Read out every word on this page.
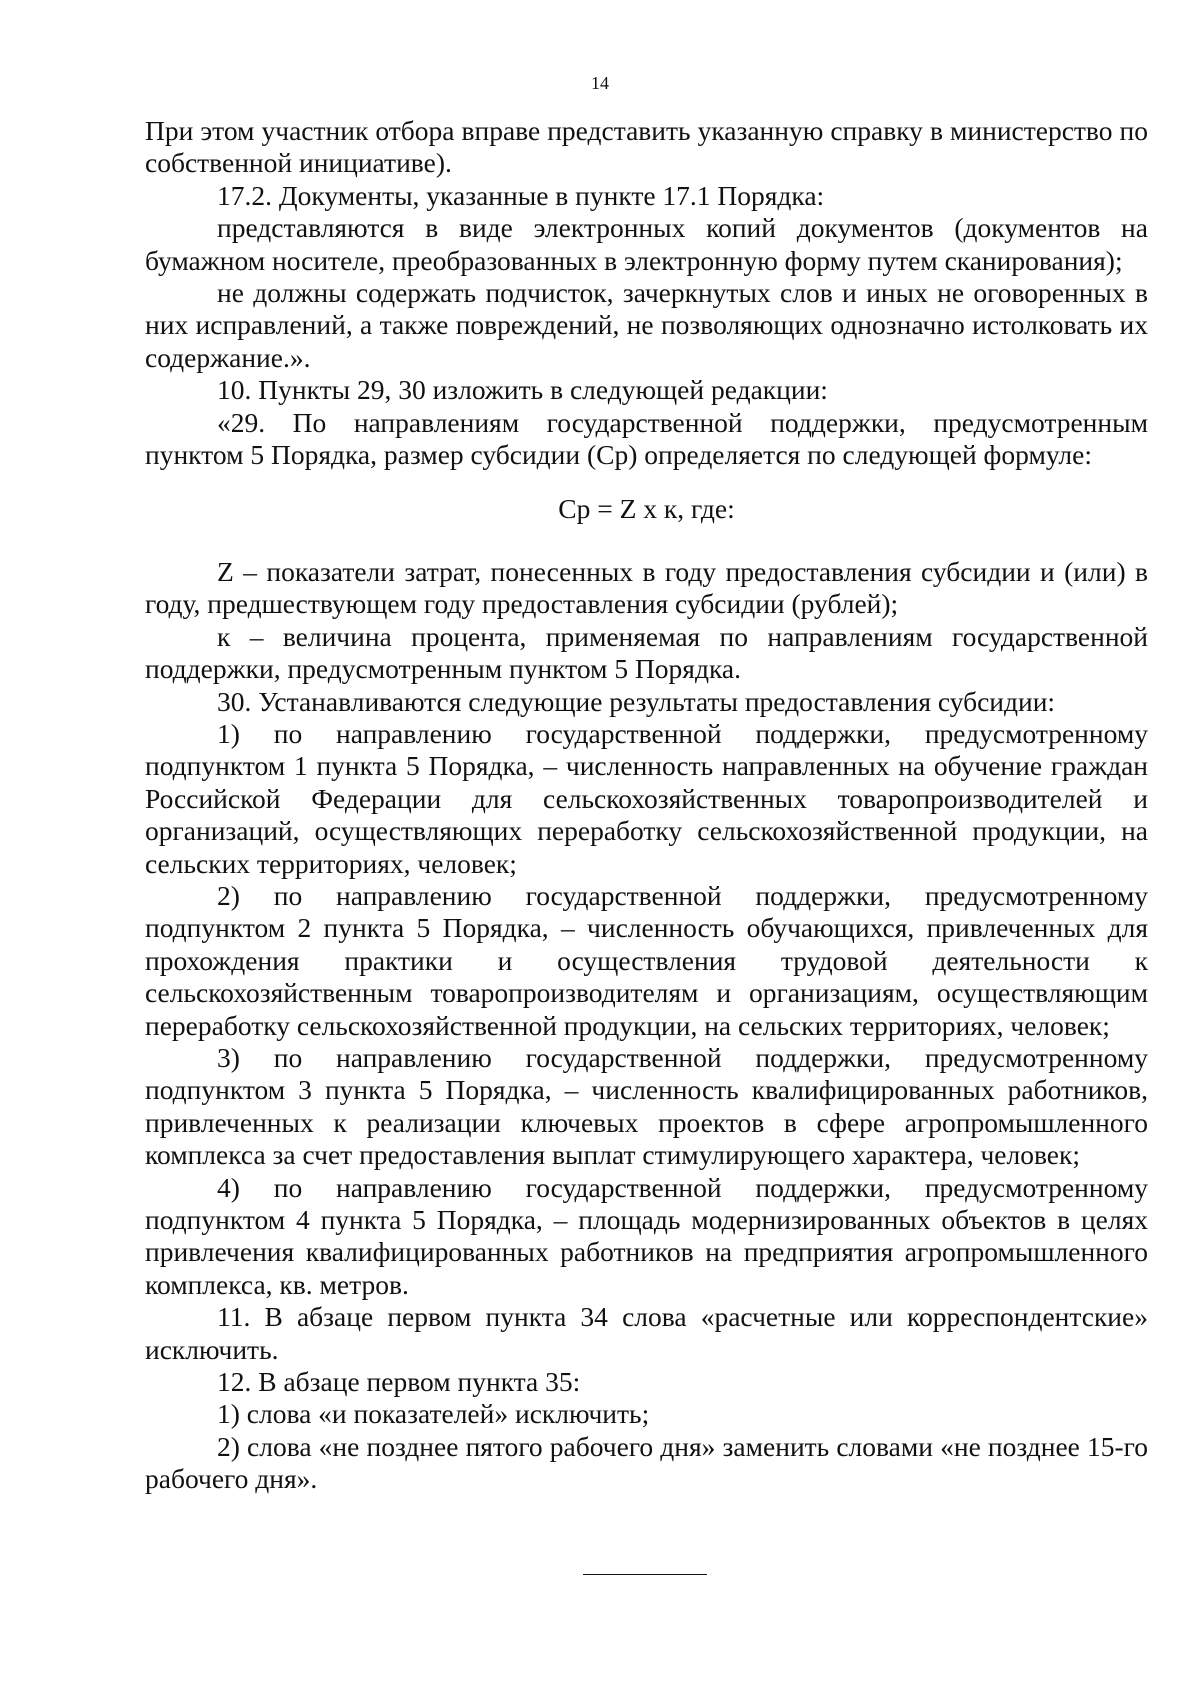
14

При этом участник отбора вправе представить указанную справку в министерство по собственной инициативе).

17.2. Документы, указанные в пункте 17.1 Порядка:

представляются в виде электронных копий документов (документов на бумажном носителе, преобразованных в электронную форму путем сканирования);

не должны содержать подчисток, зачеркнутых слов и иных не оговоренных в них исправлений, а также повреждений, не позволяющих однозначно истолковать их содержание.».

10. Пункты 29, 30 изложить в следующей редакции:

«29. По направлениям государственной поддержки, предусмотренным пунктом 5 Порядка, размер субсидии (Ср) определяется по следующей формуле:

Ср = Z х к, где:

Z – показатели затрат, понесенных в году предоставления субсидии и (или) в году, предшествующем году предоставления субсидии (рублей);

к – величина процента, применяемая по направлениям государственной поддержки, предусмотренным пунктом 5 Порядка.

30. Устанавливаются следующие результаты предоставления субсидии:

1) по направлению государственной поддержки, предусмотренному подпунктом 1 пункта 5 Порядка, – численность направленных на обучение граждан Российской Федерации для сельскохозяйственных товаропроизводителей и организаций, осуществляющих переработку сельскохозяйственной продукции, на сельских территориях, человек;

2) по направлению государственной поддержки, предусмотренному подпунктом 2 пункта 5 Порядка, – численность обучающихся, привлеченных для прохождения практики и осуществления трудовой деятельности к сельскохозяйственным товаропроизводителям и организациям, осуществляющим переработку сельскохозяйственной продукции, на сельских территориях, человек;

3) по направлению государственной поддержки, предусмотренному подпунктом 3 пункта 5 Порядка, – численность квалифицированных работников, привлеченных к реализации ключевых проектов в сфере агропромышленного комплекса за счет предоставления выплат стимулирующего характера, человек;

4) по направлению государственной поддержки, предусмотренному подпунктом 4 пункта 5 Порядка, – площадь модернизированных объектов в целях привлечения квалифицированных работников на предприятия агропромышленного комплекса, кв. метров.

11. В абзаце первом пункта 34 слова «расчетные или корреспондентские» исключить.

12. В абзаце первом пункта 35:

1) слова «и показателей» исключить;

2) слова «не позднее пятого рабочего дня» заменить словами «не позднее 15-го рабочего дня».
